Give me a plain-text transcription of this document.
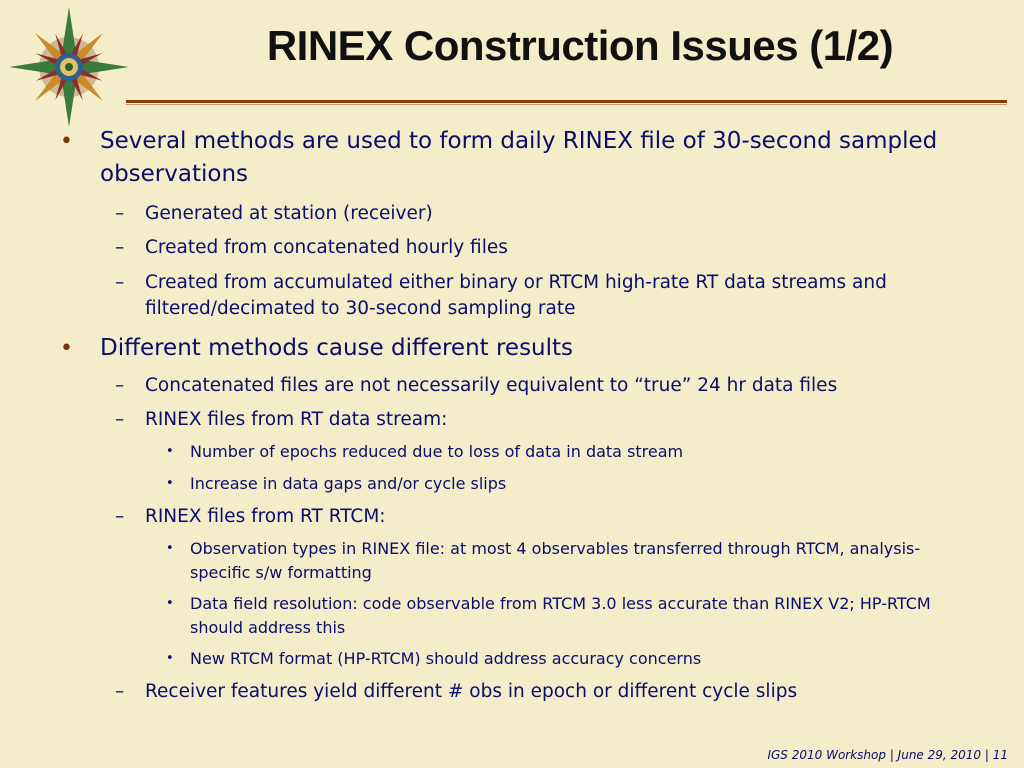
RINEX Construction Issues (1/2)
•	Several methods are used to form daily RINEX file of 30-second sampled observations
–	Generated at station (receiver)
–	Created from concatenated hourly files
–	Created from accumulated either binary or RTCM high-rate RT data streams and filtered/decimated to 30-second sampling rate
•	Different methods cause different results
–	Concatenated files are not necessarily equivalent to “true” 24 hr data files
–	RINEX files from RT data stream:
• Number of epochs reduced due to loss of data in data stream
• Increase in data gaps and/or cycle slips
–	RINEX files from RT RTCM:
• Observation types in RINEX file: at most 4 observables transferred through RTCM, analysis-specific s/w formatting
• Data field resolution: code observable from RTCM 3.0 less accurate than RINEX V2; HP-RTCM should address this
• New RTCM format (HP-RTCM) should address accuracy concerns
–	Receiver features yield different # obs in epoch or different cycle slips
IGS 2010 Workshop | June 29, 2010 | 11
